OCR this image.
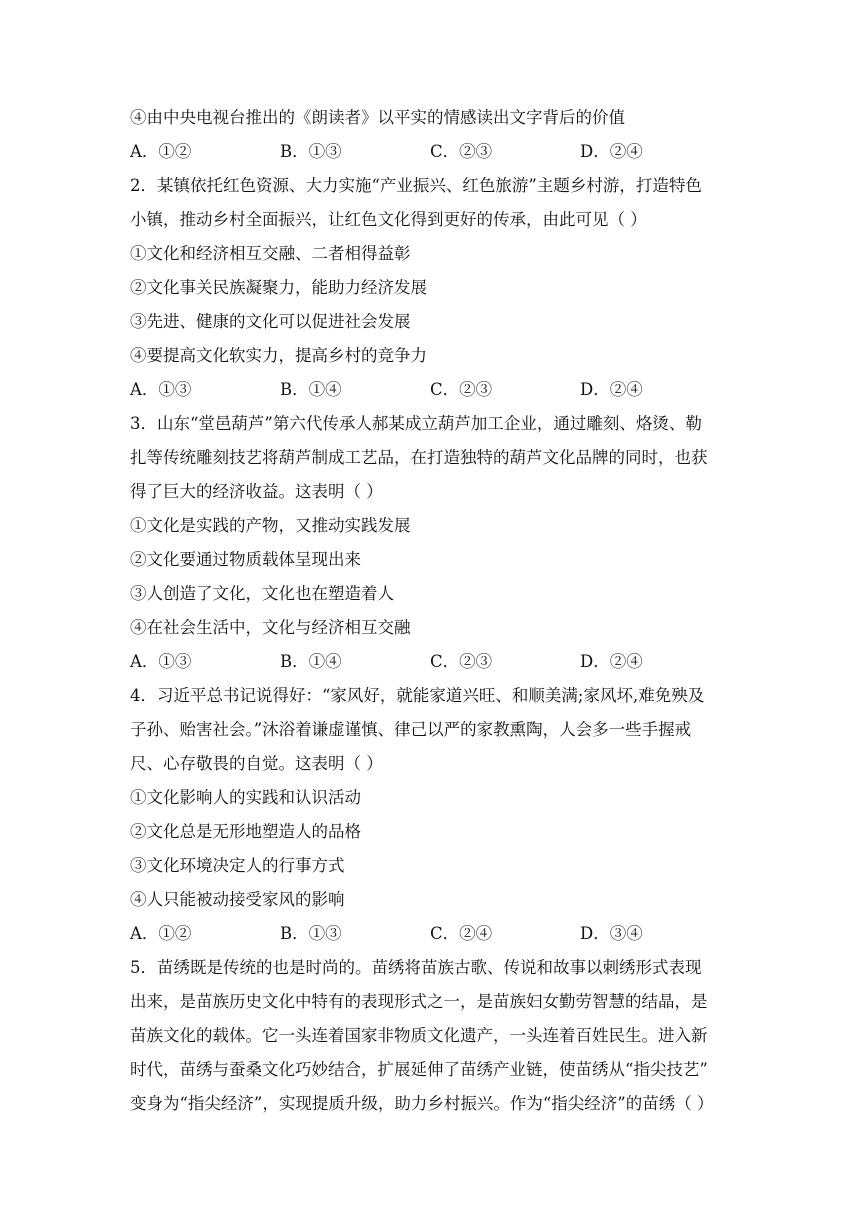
④由中央电视台推出的《朗读者》以平实的情感读出文字背后的价值
A．①②	B．①③	C．②③	D．②④
2．某镇依托红色资源、大力实施“产业振兴、红色旅游”主题乡村游，打造特色
小镇，推动乡村全面振兴，让红色文化得到更好的传承，由此可见（ ）
①文化和经济相互交融、二者相得益彰
②文化事关民族凝聚力，能助力经济发展
③先进、健康的文化可以促进社会发展
④要提高文化软实力，提高乡村的竞争力
A．①③	B．①④	C．②③	D．②④
3．山东“堂邑葫芦”第六代传承人郝某成立葫芦加工企业，通过雕刻、烙烫、勒
扎等传统雕刻技艺将葫芦制成工艺品，在打造独特的葫芦文化品牌的同时，也获
得了巨大的经济收益。这表明（ ）
①文化是实践的产物，又推动实践发展
②文化要通过物质载体呈现出来
③人创造了文化，文化也在塑造着人
④在社会生活中，文化与经济相互交融
A．①③	B．①④	C．②③	D．②④
4．习近平总书记说得好：“家风好，就能家道兴旺、和顺美满;家风坏,难免殃及
子孙、贻害社会。”沐浴着谦虚谨慎、律己以严的家教熏陶，人会多一些手握戒
尺、心存敬畏的自觉。这表明（ ）
①文化影响人的实践和认识活动
②文化总是无形地塑造人的品格
③文化环境决定人的行事方式
④人只能被动接受家风的影响
A．①②	B．①③	C．②④	D．③④
5．苗绣既是传统的也是时尚的。苗绣将苗族古歌、传说和故事以刺绣形式表现
出来，是苗族历史文化中特有的表现形式之一，是苗族妇女勤劳智慧的结晶，是
苗族文化的载体。它一头连着国家非物质文化遗产，一头连着百姓民生。进入新
时代，苗绣与蚕桑文化巧妙结合，扩展延伸了苗绣产业链，使苗绣从“指尖技艺”
变身为“指尖经济”，实现提质升级，助力乡村振兴。作为“指尖经济”的苗绣（ ）
